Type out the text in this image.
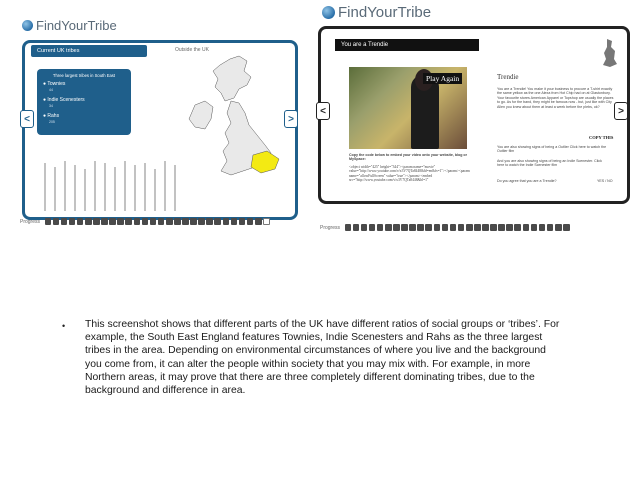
FindYourTribe
Current UK tribes	Outside the UK
Three largest tribes in South East
● Townies
44
● Indie Scenesters
34
● Rahs
205
<	>
Progress
FindYourTribe
You are a Trendie
Play Again
Copy the code below to embed your video onto your website, blog or MySpace:
<object width="425" height="344"><param name="movie" value="http://www.youtube.com/v/x3V7QTa8448&hl=en&fs=1"></param><param name="allowFullScreen" value="true"></param><embed src="http://www.youtube.com/v/x3V7QTa8448&hl=1"
Trendie
You are a Trendie! You make it your business to procure a T-shirt exactly the same yellow as the one Alexa from Hot Chip had on at Glastonbury. Your favourite stores American Apparel or Topshop are usually the places to go. As for the band, they might be famous now - but, just like with City Allen you knew about them at least a week before the plebs, ok?
COPY THIS
You are also showing signs of being a Outlier Click here to watch the Outlier film
And you are also showing signs of being an Indie Scenester. Click here to watch the Indie Scenester film
Do you agree that you are a Trendie?	YES / NO
<	>
Progress
• This screenshot shows that different parts of the UK have different ratios of social groups or ‘tribes’. For example, the South East England features Townies, Indie Scenesters and Rahs as the three largest tribes in the area. Depending on environmental circumstances of where you live and the background you come from, it can alter the people within society that you may mix with. For example, in more Northern areas, it may prove that there are three completely different dominating tribes, due to the background and difference in area.
